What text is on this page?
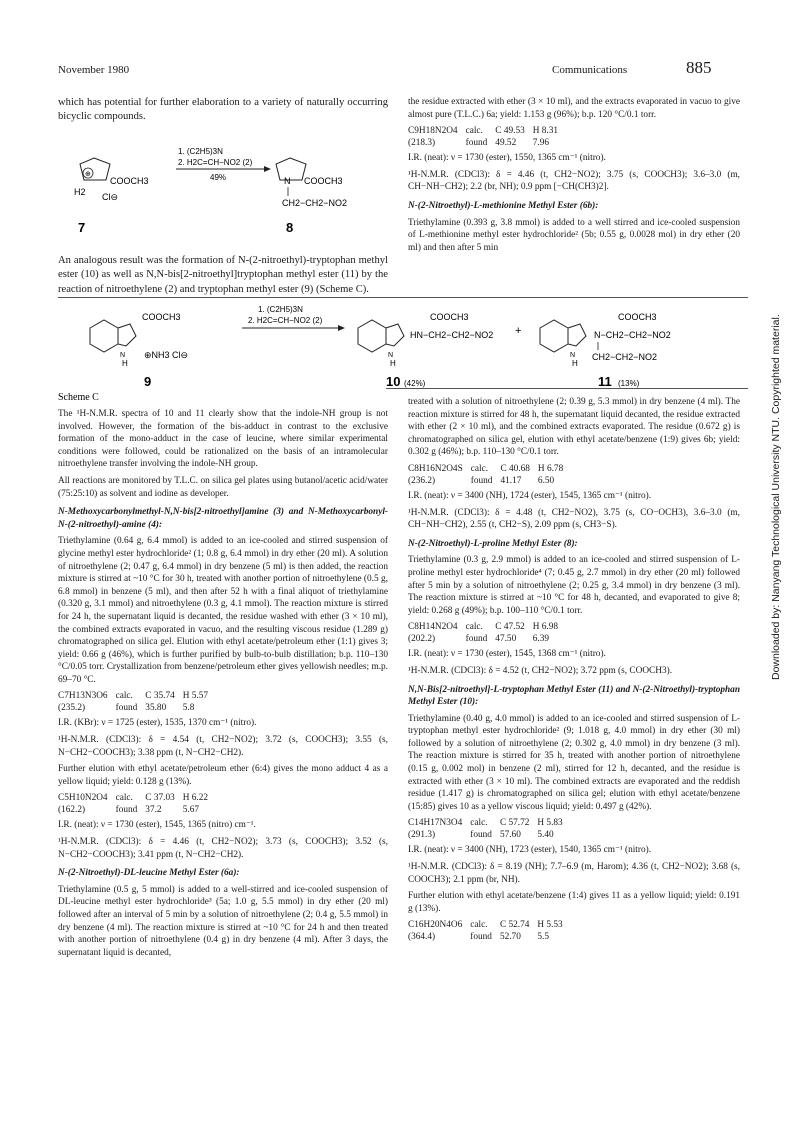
November 1980	Communications	885
Downloaded by: Nanyang Technological University NTU. Copyrighted material.

which has potential for further elaboration to a variety of naturally occurring bicyclic compounds.

⊕
COOCH3
H2 Cl⊖
1. (C2H5)3N
2. H2C=CH−NO2 (2)
49%	N COOCH3
CH2−CH2−NO2
7	8

An analogous result was the formation of N-(2-nitroethyl)-tryptophan methyl ester (10) as well as N,N-bis[2-nitroethyl]tryptophan methyl ester (11) by the reaction of nitroethylene (2) and tryptophan methyl ester (9) (Scheme C).

the residue extracted with ether (3 × 10 ml), and the extracts evaporated in vacuo to give almost pure (T.L.C.) 6a; yield: 1.153 g (96%); b.p. 120 °C/0.1 torr.

C9H18N2O4	calc.	C 49.53	H 8.31
(218.3)	found	49.52	7.96

I.R. (neat): ν = 1730 (ester), 1550, 1365 cm⁻¹ (nitro).

¹H-N.M.R. (CDCl3): δ = 4.46 (t, CH2−NO2); 3.75 (s, COOCH3); 3.6–3.0 (m, CH−NH−CH2); 2.2 (br, NH); 0.9 ppm [−CH(CH3)2].

N-(2-Nitroethyl)-L-methionine Methyl Ester (6b):

Triethylamine (0.393 g, 3.8 mmol) is added to a well stirred and ice-cooled suspension of L-methionine methyl ester hydrochloride² (5b; 0.55 g, 0.0028 mol) in dry ether (20 ml) and then after 5 min

COOCH3
N
H
⊕NH3 Cl⊖
1. (C2H5)3N
2. H2C=CH−NO2 (2)	COOCH3
N
H
HN−CH2−CH2−NO2 +
COOCH3
N
H
N−CH2−CH2−NO2
CH2−CH2−NO2
9	10 (42%)	11 (13%)
Scheme C

The ¹H-N.M.R. spectra of 10 and 11 clearly show that the indole-NH group is not involved. However, the formation of the bis-adduct in contrast to the exclusive formation of the mono-adduct in the case of leucine, where similar experimental conditions were followed, could be rationalized on the basis of an intramolecular nitroethylene transfer involving the indole-NH group.

All reactions are monitored by T.L.C. on silica gel plates using butanol/acetic acid/water (75:25:10) as solvent and iodine as developer.

N-Methoxycarbonylmethyl-N,N-bis[2-nitroethyl]amine (3) and N-Methoxycarbonyl-N-(2-nitroethyl)-amine (4):

Triethylamine (0.64 g, 6.4 mmol) is added to an ice-cooled and stirred suspension of glycine methyl ester hydrochloride² (1; 0.8 g, 6.4 mmol) in dry ether (20 ml). A solution of nitroethylene (2; 0.47 g, 6.4 mmol) in dry benzene (5 ml) is then added, the reaction mixture is stirred at ~10 °C for 30 h, treated with another portion of nitroethylene (0.5 g, 6.8 mmol) in benzene (5 ml), and then after 52 h with a final aliquot of triethylamine (0.320 g, 3.1 mmol) and nitroethylene (0.3 g, 4.1 mmol). The reaction mixture is stirred for 24 h, the supernatant liquid is decanted, the residue washed with ether (3 × 10 ml), the combined extracts evaporated in vacuo, and the resulting viscous residue (1.289 g) chromatographed on silica gel. Elution with ethyl acetate/petroleum ether (1:1) gives 3; yield: 0.66 g (46%), which is further purified by bulb-to-bulb distillation; b.p. 110–130 °C/0.05 torr. Crystallization from benzene/petroleum ether gives yellowish needles; m.p. 69–70 °C.

C7H13N3O6	calc.	C 35.74	H 5.57
(235.2)	found	35.80	5.8

I.R. (KBr): ν = 1725 (ester), 1535, 1370 cm⁻¹ (nitro).

¹H-N.M.R. (CDCl3): δ = 4.54 (t, CH2−NO2); 3.72 (s, COOCH3); 3.55 (s, N−CH2−COOCH3); 3.38 ppm (t, N−CH2−CH2).

Further elution with ethyl acetate/petroleum ether (6:4) gives the mono adduct 4 as a yellow liquid; yield: 0.128 g (13%).

C5H10N2O4	calc.	C 37.03	H 6.22
(162.2)	found	37.2	5.67

I.R. (neat): ν = 1730 (ester), 1545, 1365 (nitro) cm⁻¹.

¹H-N.M.R. (CDCl3): δ = 4.46 (t, CH2−NO2); 3.73 (s, COOCH3); 3.52 (s, N−CH2−COOCH3); 3.41 ppm (t, N−CH2−CH2).

N-(2-Nitroethyl)-DL-leucine Methyl Ester (6a):

Triethylamine (0.5 g, 5 mmol) is added to a well-stirred and ice-cooled suspension of DL-leucine methyl ester hydrochloride³ (5a; 1.0 g, 5.5 mmol) in dry ether (20 ml) followed after an interval of 5 min by a solution of nitroethylene (2; 0.4 g, 5.5 mmol) in dry benzene (4 ml). The reaction mixture is stirred at ~10 °C for 24 h and then treated with another portion of nitroethylene (0.4 g) in dry benzene (4 ml). After 3 days, the supernatant liquid is decanted,

treated with a solution of nitroethylene (2; 0.39 g, 5.3 mmol) in dry benzene (4 ml). The reaction mixture is stirred for 48 h, the supernatant liquid decanted, the residue extracted with ether (2 × 10 ml), and the combined extracts evaporated. The residue (0.672 g) is chromatographed on silica gel, elution with ethyl acetate/benzene (1:9) gives 6b; yield: 0.302 g (46%); b.p. 110–130 °C/0.1 torr.

C8H16N2O4S	calc.	C 40.68	H 6.78
(236.2)	found	41.17	6.50

I.R. (neat): ν = 3400 (NH), 1724 (ester), 1545, 1365 cm⁻¹ (nitro).

¹H-N.M.R. (CDCl3): δ = 4.48 (t, CH2−NO2), 3.75 (s, CO−OCH3), 3.6–3.0 (m, CH−NH−CH2), 2.55 (t, CH2−S), 2.09 ppm (s, CH3−S).

N-(2-Nitroethyl)-L-proline Methyl Ester (8):

Triethylamine (0.3 g, 2.9 mmol) is added to an ice-cooled and stirred suspension of L-proline methyl ester hydrochloride⁴ (7; 0.45 g, 2.7 mmol) in dry ether (20 ml) followed after 5 min by a solution of nitroethylene (2; 0.25 g, 3.4 mmol) in dry benzene (3 ml). The reaction mixture is stirred at ~10 °C for 48 h, decanted, and evaporated to give 8; yield: 0.268 g (49%); b.p. 100–110 °C/0.1 torr.

C8H14N2O4	calc.	C 47.52	H 6.98
(202.2)	found	47.50	6.39

I.R. (neat): ν = 1730 (ester), 1545, 1368 cm⁻¹ (nitro).

¹H-N.M.R. (CDCl3): δ = 4.52 (t, CH2−NO2); 3.72 ppm (s, COOCH3).

N,N-Bis[2-nitroethyl]-L-tryptophan Methyl Ester (11) and N-(2-Nitroethyl)-tryptophan Methyl Ester (10):

Triethylamine (0.40 g, 4.0 mmol) is added to an ice-cooled and stirred suspension of L-tryptophan methyl ester hydrochloride² (9; 1.018 g, 4.0 mmol) in dry ether (30 ml) followed by a solution of nitroethylene (2; 0.302 g, 4.0 mmol) in dry benzene (3 ml). The reaction mixture is stirred for 35 h, treated with another portion of nitroethylene (0.15 g, 0.002 mol) in benzene (2 ml), stirred for 12 h, decanted, and the residue is extracted with ether (3 × 10 ml). The combined extracts are evaporated and the reddish residue (1.417 g) is chromatographed on silica gel; elution with ethyl acetate/benzene (15:85) gives 10 as a yellow viscous liquid; yield: 0.497 g (42%).

C14H17N3O4	calc.	C 57.72	H 5.83
(291.3)	found	57.60	5.40

I.R. (neat): ν = 3400 (NH), 1723 (ester), 1540, 1365 cm⁻¹ (nitro).

¹H-N.M.R. (CDCl3): δ = 8.19 (NH); 7.7–6.9 (m, Harom); 4.36 (t, CH2−NO2); 3.68 (s, COOCH3); 2.1 ppm (br, NH).

Further elution with ethyl acetate/benzene (1:4) gives 11 as a yellow liquid; yield: 0.191 g (13%).

C16H20N4O6	calc.	C 52.74	H 5.53
(364.4)	found	52.70	5.5
